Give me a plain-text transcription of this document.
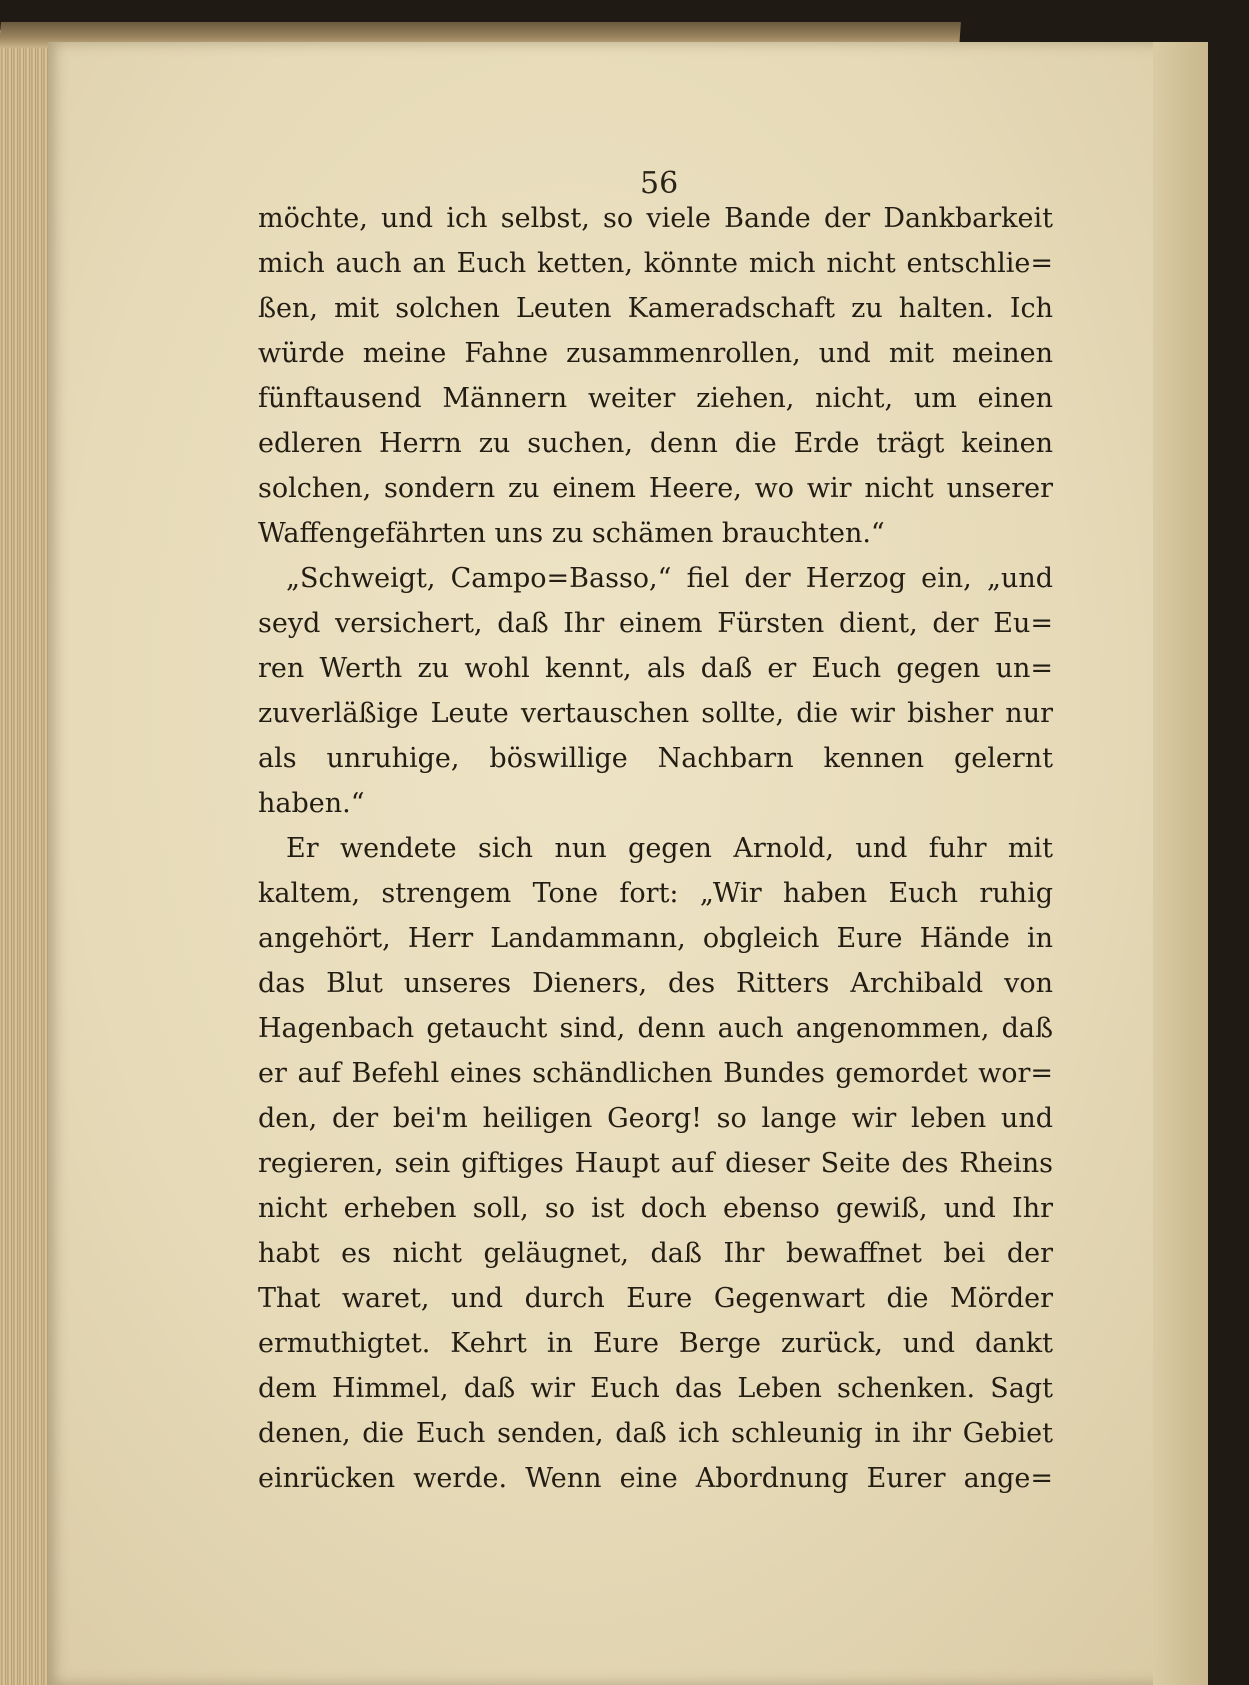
56
möchte, und ich selbst, so viele Bande der Dankbarkeit
mich auch an Euch ketten, könnte mich nicht entschlie=
ßen, mit solchen Leuten Kameradschaft zu halten. Ich
würde meine Fahne zusammenrollen, und mit meinen
fünftausend Männern weiter ziehen, nicht, um einen
edleren Herrn zu suchen, denn die Erde trägt keinen
solchen, sondern zu einem Heere, wo wir nicht unserer
Waffengefährten uns zu schämen brauchten.“
„Schweigt, Campo=Basso,“ fiel der Herzog ein, „und
seyd versichert, daß Ihr einem Fürsten dient, der Eu=
ren Werth zu wohl kennt, als daß er Euch gegen un=
zuverläßige Leute vertauschen sollte, die wir bisher nur
als unruhige, böswillige Nachbarn kennen gelernt
haben.“
Er wendete sich nun gegen Arnold, und fuhr mit
kaltem, strengem Tone fort: „Wir haben Euch ruhig
angehört, Herr Landammann, obgleich Eure Hände in
das Blut unseres Dieners, des Ritters Archibald von
Hagenbach getaucht sind, denn auch angenommen, daß
er auf Befehl eines schändlichen Bundes gemordet wor=
den, der bei'm heiligen Georg! so lange wir leben und
regieren, sein giftiges Haupt auf dieser Seite des Rheins
nicht erheben soll, so ist doch ebenso gewiß, und Ihr
habt es nicht geläugnet, daß Ihr bewaffnet bei der
That waret, und durch Eure Gegenwart die Mörder
ermuthigtet. Kehrt in Eure Berge zurück, und dankt
dem Himmel, daß wir Euch das Leben schenken. Sagt
denen, die Euch senden, daß ich schleunig in ihr Gebiet
einrücken werde. Wenn eine Abordnung Eurer ange=
